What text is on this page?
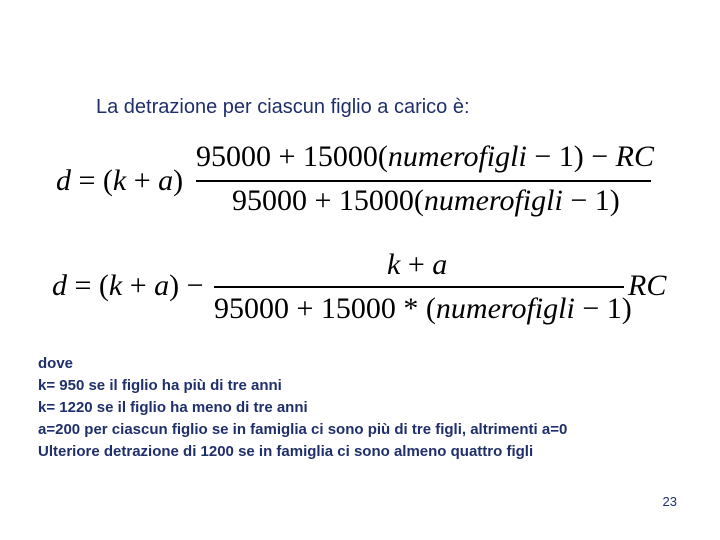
La detrazione per ciascun figlio a carico è:
d = (k + a)
95000 + 15000(numerofigli − 1) − RC
95000 + 15000(numerofigli − 1)
d = (k + a) −
k + a
95000 + 15000 * (numerofigli − 1)
RC
dove
k= 950 se il figlio ha più di tre anni
k= 1220 se il figlio ha meno di tre anni
a=200 per ciascun figlio se in famiglia ci sono più di tre figli, altrimenti a=0
Ulteriore detrazione di 1200 se in famiglia ci sono almeno quattro figli
23
